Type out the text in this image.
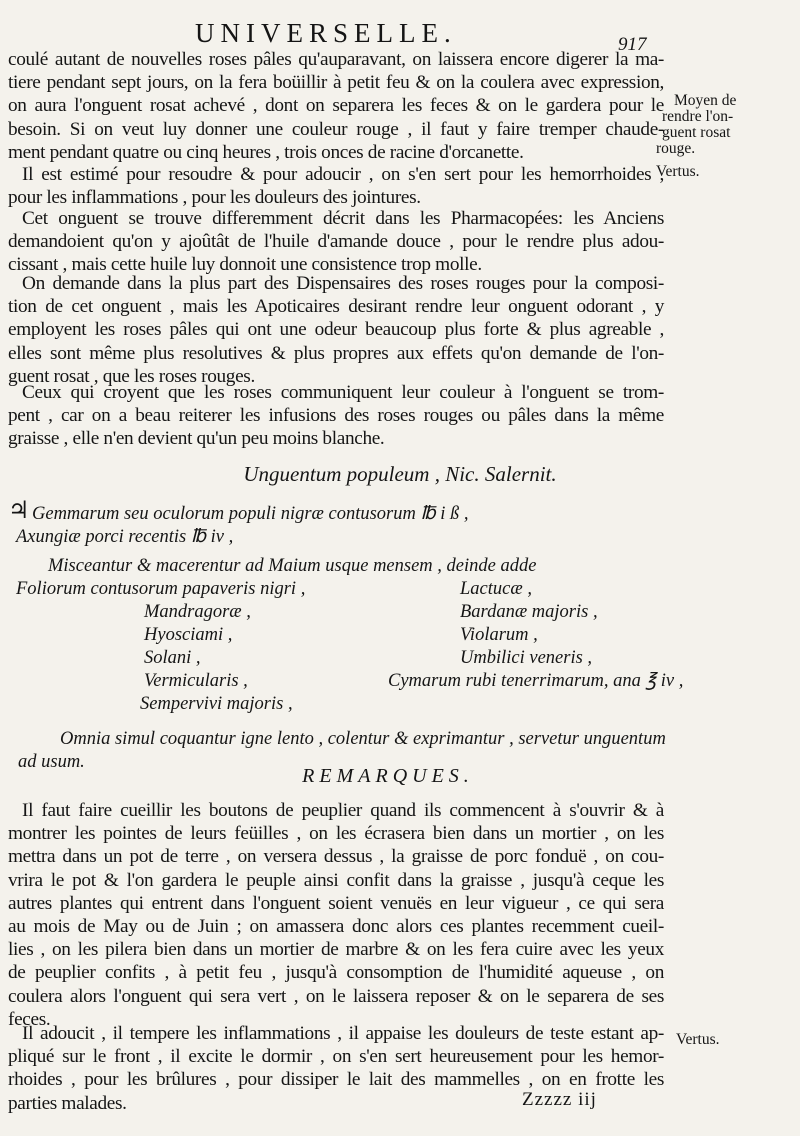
UNIVERSELLE.	917
coulé autant de nouvelles roses pâles qu'auparavant, on laissera encore digerer la ma-
tiere pendant sept jours, on la fera boüillir à petit feu & on la coulera avec expression,
on aura l'onguent rosat achevé , dont on separera les feces & on le gardera pour le
besoin. Si on veut luy donner une couleur rouge , il faut y faire tremper chaude-
ment pendant quatre ou cinq heures , trois onces de racine d'orcanette.
Moyen de
rendre l'on-
guent rosat
rouge.
Vertus.
Il est estimé pour resoudre & pour adoucir , on s'en sert pour les hemorrhoides ,
pour les inflammations , pour les douleurs des jointures.
Cet onguent se trouve differemment décrit dans les Pharmacopées: les Anciens
demandoient qu'on y ajoûtât de l'huile d'amande douce , pour le rendre plus adou-
cissant , mais cette huile luy donnoit une consistence trop molle.
On demande dans la plus part des Dispensaires des roses rouges pour la composi-
tion de cet onguent , mais les Apoticaires desirant rendre leur onguent odorant , y
employent les roses pâles qui ont une odeur beaucoup plus forte & plus agreable ,
elles sont même plus resolutives & plus propres aux effets qu'on demande de l'on-
guent rosat , que les roses rouges.
Ceux qui croyent que les roses communiquent leur couleur à l'onguent se trom-
pent , car on a beau reiterer les infusions des roses rouges ou pâles dans la même
graisse , elle n'en devient qu'un peu moins blanche.
Unguentum populeum , Nic. Salernit.
♃ Gemmarum seu oculorum populi nigræ contusorum ℔ i ß ,
Axungiæ porci recentis ℔ iv ,
Misceantur & macerentur ad Maium usque mensem , deinde adde
Foliorum contusorum papaveris nigri ,	Lactucæ ,
Mandragoræ ,	Bardanæ majoris ,
Hyosciami ,	Violarum ,
Solani ,	Umbilici veneris ,
Vermicularis ,	Cymarum rubi tenerrimarum, ana ℥ iv ,
Sempervivi majoris ,
Omnia simul coquantur igne lento , colentur & exprimantur , servetur unguentum
ad usum.
REMARQUES.
Il faut faire cueillir les boutons de peuplier quand ils commencent à s'ouvrir & à
montrer les pointes de leurs feüilles , on les écrasera bien dans un mortier , on les
mettra dans un pot de terre , on versera dessus , la graisse de porc fonduë , on cou-
vrira le pot & l'on gardera le peuple ainsi confit dans la graisse , jusqu'à ceque les
autres plantes qui entrent dans l'onguent soient venuës en leur vigueur , ce qui sera
au mois de May ou de Juin ; on amassera donc alors ces plantes recemment cueil-
lies , on les pilera bien dans un mortier de marbre & on les fera cuire avec les yeux
de peuplier confits , à petit feu , jusqu'à consomption de l'humidité aqueuse , on
coulera alors l'onguent qui sera vert , on le laissera reposer & on le separera de ses
feces.
Il adoucit , il tempere les inflammations , il appaise les douleurs de teste estant ap-
pliqué sur le front , il excite le dormir , on s'en sert heureusement pour les hemor-
rhoides , pour les brûlures , pour dissiper le lait des mammelles , on en frotte les
parties malades.
Vertus.
Zzzzz iij
